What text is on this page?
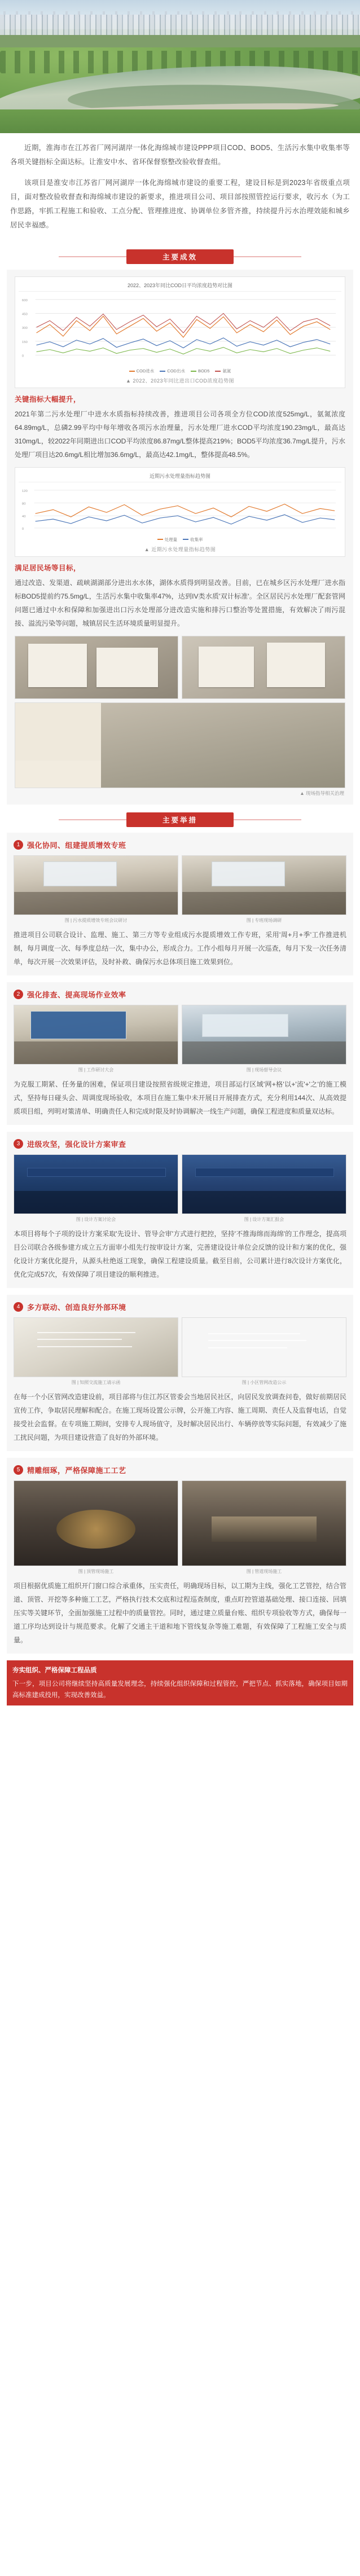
近期，淮海市在江苏省厂网河湖岸一体化海绵城市建设PPP项目COD、BOD5、生活污水集中收集率等各项关键指标全面达标。让淮安中水、省环保督察整改验收督查组。

该项目是淮安市江苏省厂网河湖岸一体化海绵城市建设的重要工程，建设目标是到2023年省级重点项目，面对整改验收督查和海绵城市建设的新要求，推进项目公司、项目部按照管控运行要求，收污水（为工作思路，牢抓工程施工和验收、工点分配、管理推进度、协调单位多管齐推，持续提升污水治理效能和城乡居民幸福感。

主要成效
2022、2023年同比COD日平均浓度趋势对比图
600
450
300
150
0
COD进水	COD出水	BOD5	氨氮
▲ 2022、2023年同比进出口COD浓度趋势图
关键指标大幅提升，
2021年第二污水处理厂中进水水质指标持续改善，推进项目公司各项全方位COD浓度525mg/L，氨氮浓度64.89mg/L，总磷2.99平均中每年增收各项污水治理量，污水处理厂进水COD平均浓度190.23mg/L，最高达310mg/L，较2022年同期进出口COD平均浓度86.87mg/L整体提高219%；BOD5平均浓度36.7mg/L提升，污水处理厂项目达20.6mg/L相比增加36.6mg/L，最高达42.1mg/L，整体提高48.5%。
近期污水处理量指标趋势图
120
80
40
0
处理量	收集率
▲ 近期污水处理量指标趋势图
满足居民场等目标，
通过改造、发渠道、疏峡湖湖部分进出水水体，湖体水质得到明显改善。目前，已在城乡区污水处理厂进水指标BOD5提前约75.5mg/L，生活污水集中收集率47%，达到IV类水质'双计标准'。全区居民污水处理厂配套管网问题已通过中水和保障和加强进出口污水处理部分进改造实施和排污口整治等处置措施，有效解决了雨污混接、溢流污染等问题，城镇居民生活环境质量明显提升。
▲ 现场指导相关治理
主要举措
1 强化协同、组建提质增效专班
图 | 污水提质增效专班会议研讨	图 | 专班现场调研
推进项目公司联合设计、监理、施工、第三方等专业组成污水提质增效工作专班，采用'周+月+季'工作推进机制，每月调度一次、每季度总结一次，集中办公，形成合力。工作小组每月开展一次巡查，每月下发一次任务清单，每次开展一次效果评估，及时补救、确保污水总体项目施工效果到位。
2 强化排查、提高现场作业效率
图 | 工作研讨大会	图 | 现场督导会议
为克服工期紧、任务量的困难，保证项目建设按照省级规定推进，项目部运行区域'网+格'以+'流'+'之'的施工模式，坚持每日碰头会、周调度现场验收，本项目在施工集中未开展日开展排查方式，充分利用144次、从高效提质项目组，列明对策清单、明确责任人和完成时限及时协调解决一线生产问题，确保工程进度和质量双达标。
3 进级攻坚，强化设计方案审查
图 | 设计方案讨论会	图 | 设计方案汇报会
本项目将每个子项的设计方案采取'先设计、管导会审'方式进行把控，坚持'不推海绵而海绵'的工作理念，提高项目公司联合各级参建方成立五方面审小组先行按审设计方案，完善建设设计单位会反馈的设计和方案的优化，强化设计方案优化提升，从源头杜绝返工现象，确保工程建设质量。截至目前，公司累计进行8次设计方案优化，优化完成57次，有效保障了项目建设的顺利推进。
4 多方联动、创造良好外部环境
图 | 知照交流施工请示函	图 | 小区管网改造公示
在每一个小区管网改造建设前，项目部将与住江苏区管委会当地居民社区，向居民发放调查问卷，做好前期居民宣传工作，争取居民理解和配合。在施工现场设置公示牌，公开施工内容、施工周期、责任人及监督电话，自觉接受社会监督。在专项施工期间，安排专人现场值守，及时解决居民出行、车辆停放等实际问题，有效减少了施工扰民问题，为项目建设营造了良好的外部环境。
5 精雕细琢，严格保障施工工艺
图 | 顶管现场施工	图 | 管道现场施工
项目根据优质施工组织开门窗口综合承重体，压实责任，明确现场目标，以工期为主线，强化工艺管控，结合管道、顶管、开挖等多种施工工艺，严格执行技术交底和过程巡查制度，重点盯控管道基础处理、接口连接、回填压实等关键环节，全面加强施工过程中的质量管控。同时，通过建立质量台账、组织专项验收等方式，确保每一道工序均达到设计与规范要求。化解了交通主干道和地下管线复杂等施工难题，有效保障了工程施工安全与质量。
夯实组织、严格保障工程品质
下一步，项目公司将继续坚持高质量发展理念，持续强化组织保障和过程管控，严把节点、抓实落地，确保项目如期高标准建成投用，实现改善效益。
